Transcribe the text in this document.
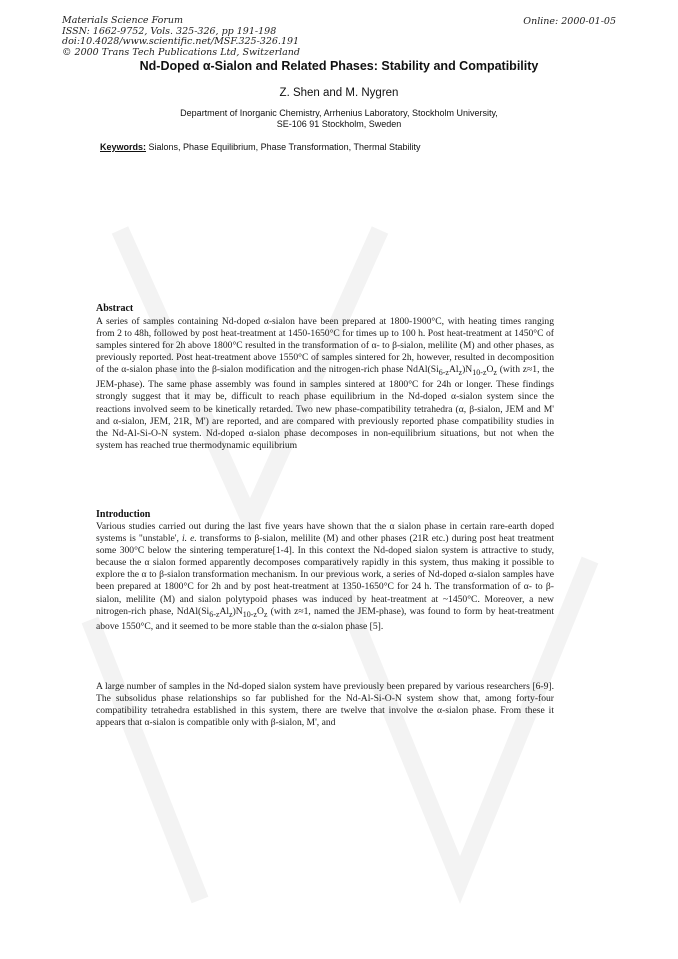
Materials Science Forum
ISSN: 1662-9752, Vols. 325-326, pp 191-198
doi:10.4028/www.scientific.net/MSF.325-326.191
© 2000 Trans Tech Publications Ltd, Switzerland
Online: 2000-01-05
Nd-Doped α-Sialon and Related Phases: Stability and Compatibility
Z. Shen and M. Nygren
Department of Inorganic Chemistry, Arrhenius Laboratory, Stockholm University,
SE-106 91 Stockholm, Sweden
Keywords: Sialons, Phase Equilibrium, Phase Transformation, Thermal Stability
Abstract
A series of samples containing Nd-doped α-sialon have been prepared at 1800-1900°C, with heating times ranging from 2 to 48h, followed by post heat-treatment at 1450-1650°C for times up to 100 h. Post heat-treatment at 1450°C of samples sintered for 2h above 1800°C resulted in the transformation of α- to β-sialon, melilite (M) and other phases, as previously reported. Post heat-treatment above 1550°C of samples sintered for 2h, however, resulted in decomposition of the α-sialon phase into the β-sialon modification and the nitrogen-rich phase $NdAl(Si_{6-z}Al_z)N_{10-z}O_z$ (with z≈1, the JEM-phase). The same phase assembly was found in samples sintered at 1800°C for 24h or longer. These findings strongly suggest that it may be, difficult to reach phase equilibrium in the Nd-doped α-sialon system since the reactions involved seem to be kinetically retarded. Two new phase-compatibility tetrahedra (α, β-sialon, JEM and M' and α-sialon, JEM, 21R, M') are reported, and are compared with previously reported phase compatibility studies in the Nd-Al-Si-O-N system. Nd-doped α-sialon phase decomposes in non-equilibrium situations, but not when the system has reached true thermodynamic equilibrium
Introduction
Various studies carried out during the last five years have shown that the α sialon phase in certain rare-earth doped systems is "unstable', i. e. transforms to β-sialon, melilite (M) and other phases (21R etc.) during post heat treatment some 300°C below the sintering temperature[1-4]. In this context the Nd-doped sialon system is attractive to study, because the α sialon formed apparently decomposes comparatively rapidly in this system, thus making it possible to explore the α to β-sialon transformation mechanism. In our previous work, a series of Nd-doped α-sialon samples have been prepared at 1800°C for 2h and by post heat-treatment at 1350-1650°C for 24 h. The transformation of α- to β-sialon, melilite (M) and sialon polytypoid phases was induced by heat-treatment at ~1450°C. Moreover, a new nitrogen-rich phase, $NdAl(Si_{6-z}Al_z)N_{10-z}O_z$ (with z≈1, named the JEM-phase), was found to form by heat-treatment above 1550°C, and it seemed to be more stable than the α-sialon phase [5].
A large number of samples in the Nd-doped sialon system have previously been prepared by various researchers [6-9]. The subsolidus phase relationships so far published for the Nd-Al-Si-O-N system show that, among forty-four compatibility tetrahedra established in this system, there are twelve that involve the α-sialon phase. From these it appears that α-sialon is compatible only with β-sialon, M', and
